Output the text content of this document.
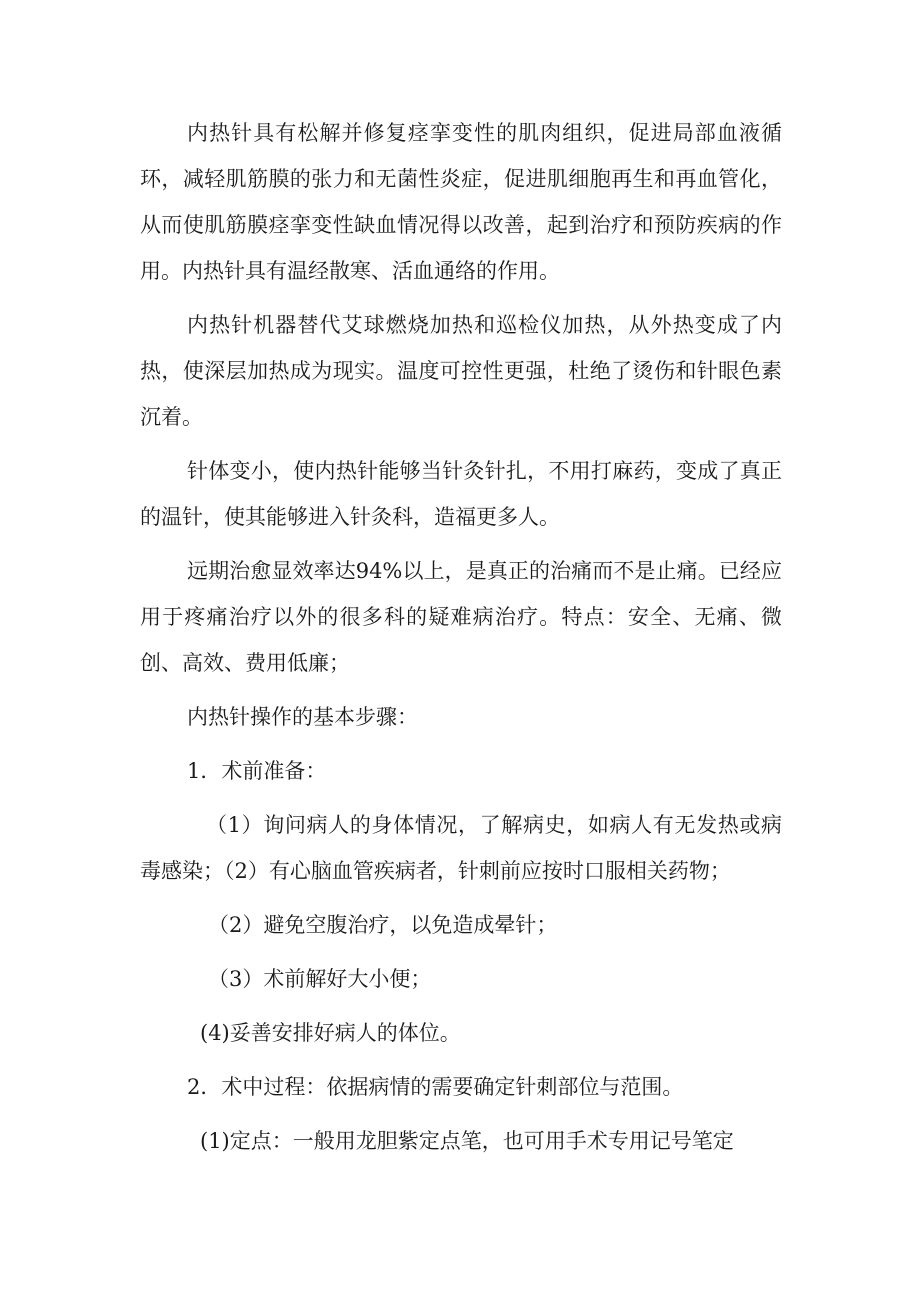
内热针具有松解并修复痉挛变性的肌肉组织，促进局部血液循环，减轻肌筋膜的张力和无菌性炎症，促进肌细胞再生和再血管化，从而使肌筋膜痉挛变性缺血情况得以改善，起到治疗和预防疾病的作用。内热针具有温经散寒、活血通络的作用。

内热针机器替代艾球燃烧加热和巡检仪加热，从外热变成了内热，使深层加热成为现实。温度可控性更强，杜绝了烫伤和针眼色素沉着。

针体变小，使内热针能够当针灸针扎，不用打麻药，变成了真正的温针，使其能够进入针灸科，造福更多人。

远期治愈显效率达94%以上，是真正的治痛而不是止痛。已经应用于疼痛治疗以外的很多科的疑难病治疗。特点：安全、无痛、微创、高效、费用低廉；

内热针操作的基本步骤：

1．术前准备：

（1）询问病人的身体情况，了解病史，如病人有无发热或病毒感染；（2）有心脑血管疾病者，针刺前应按时口服相关药物；

（2）避免空腹治疗，以免造成晕针；

（3）术前解好大小便；

(4)妥善安排好病人的体位。

2．术中过程：依据病情的需要确定针刺部位与范围。

(1)定点：一般用龙胆紫定点笔，也可用手术专用记号笔定
